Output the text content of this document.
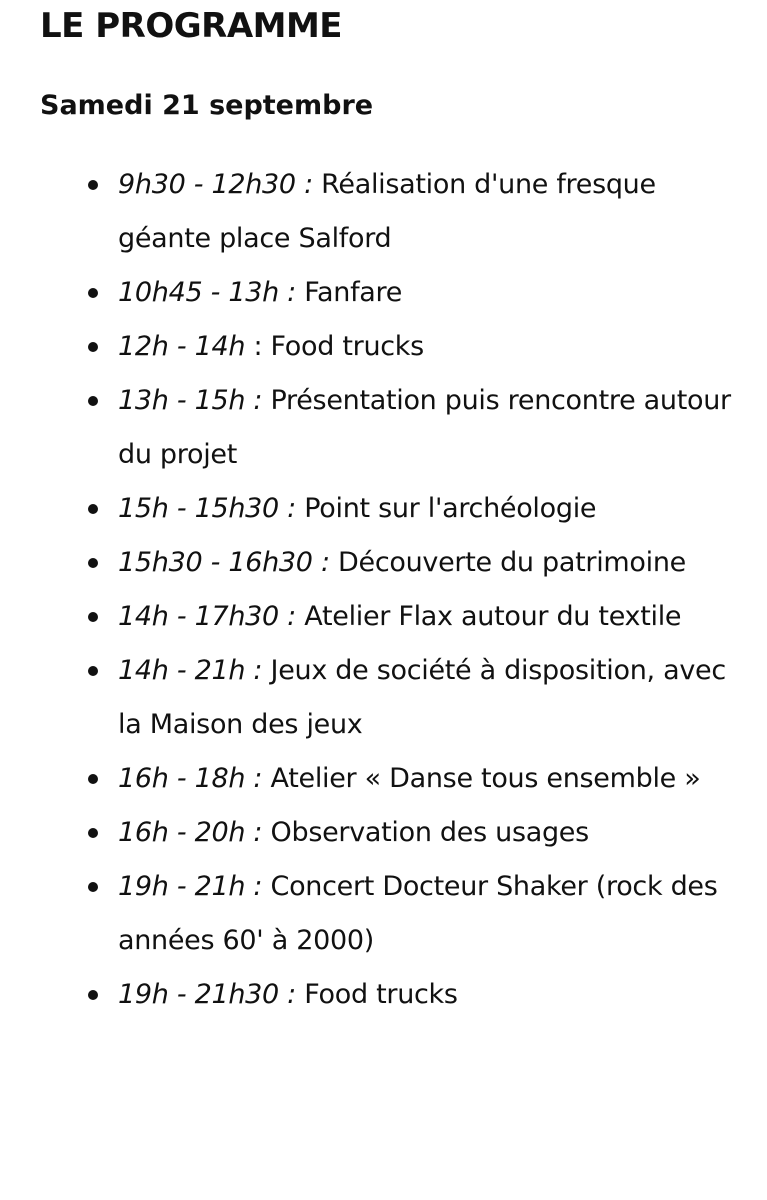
LE PROGRAMME
Samedi 21 septembre
9h30 - 12h30 : Réalisation d'une fresque géante place Salford
10h45 - 13h : Fanfare
12h - 14h : Food trucks
13h - 15h : Présentation puis rencontre autour du projet
15h - 15h30 : Point sur l'archéologie
15h30 - 16h30 : Découverte du patrimoine
14h - 17h30 : Atelier Flax autour du textile
14h - 21h : Jeux de société à disposition, avec la Maison des jeux
16h - 18h : Atelier « Danse tous ensemble »
16h - 20h : Observation des usages
19h - 21h : Concert Docteur Shaker (rock des années 60' à 2000)
19h - 21h30 : Food trucks
